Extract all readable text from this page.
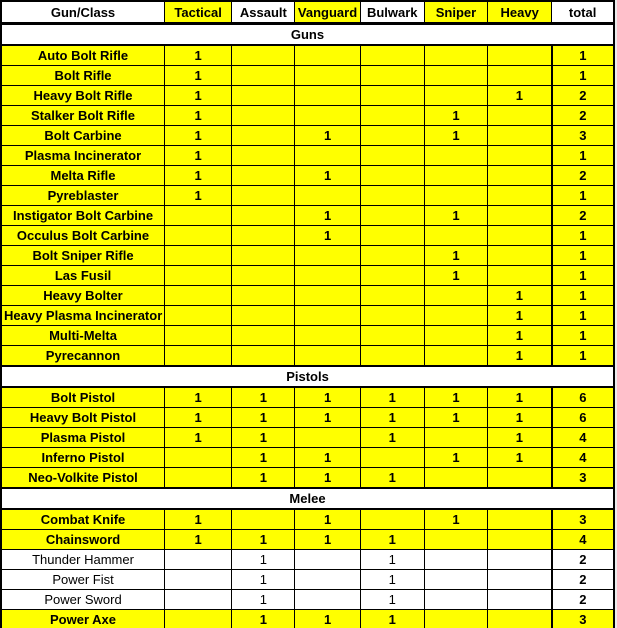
Gun/Class	Tactical	Assault	Vanguard	Bulwark	Sniper	Heavy	total
Guns							
Auto Bolt Rifle	1						1
Bolt Rifle	1						1
Heavy Bolt Rifle	1					1	2
Stalker Bolt Rifle	1				1		2
Bolt Carbine	1		1		1		3
Plasma Incinerator	1						1
Melta Rifle	1		1				2
Pyreblaster	1						1
Instigator Bolt Carbine			1		1		2
Occulus Bolt Carbine			1				1
Bolt Sniper Rifle					1		1
Las Fusil					1		1
Heavy Bolter						1	1
Heavy Plasma Incinerator						1	1
Multi-Melta						1	1
Pyrecannon						1	1
Pistols							
Bolt Pistol	1	1	1	1	1	1	6
Heavy Bolt Pistol	1	1	1	1	1	1	6
Plasma Pistol	1	1		1		1	4
Inferno Pistol		1	1		1	1	4
Neo-Volkite Pistol		1	1	1			3
Melee							
Combat Knife	1		1		1		3
Chainsword	1	1	1	1			4
Thunder Hammer		1		1			2
Power Fist		1		1			2
Power Sword		1		1			2
Power Axe		1	1	1			3
